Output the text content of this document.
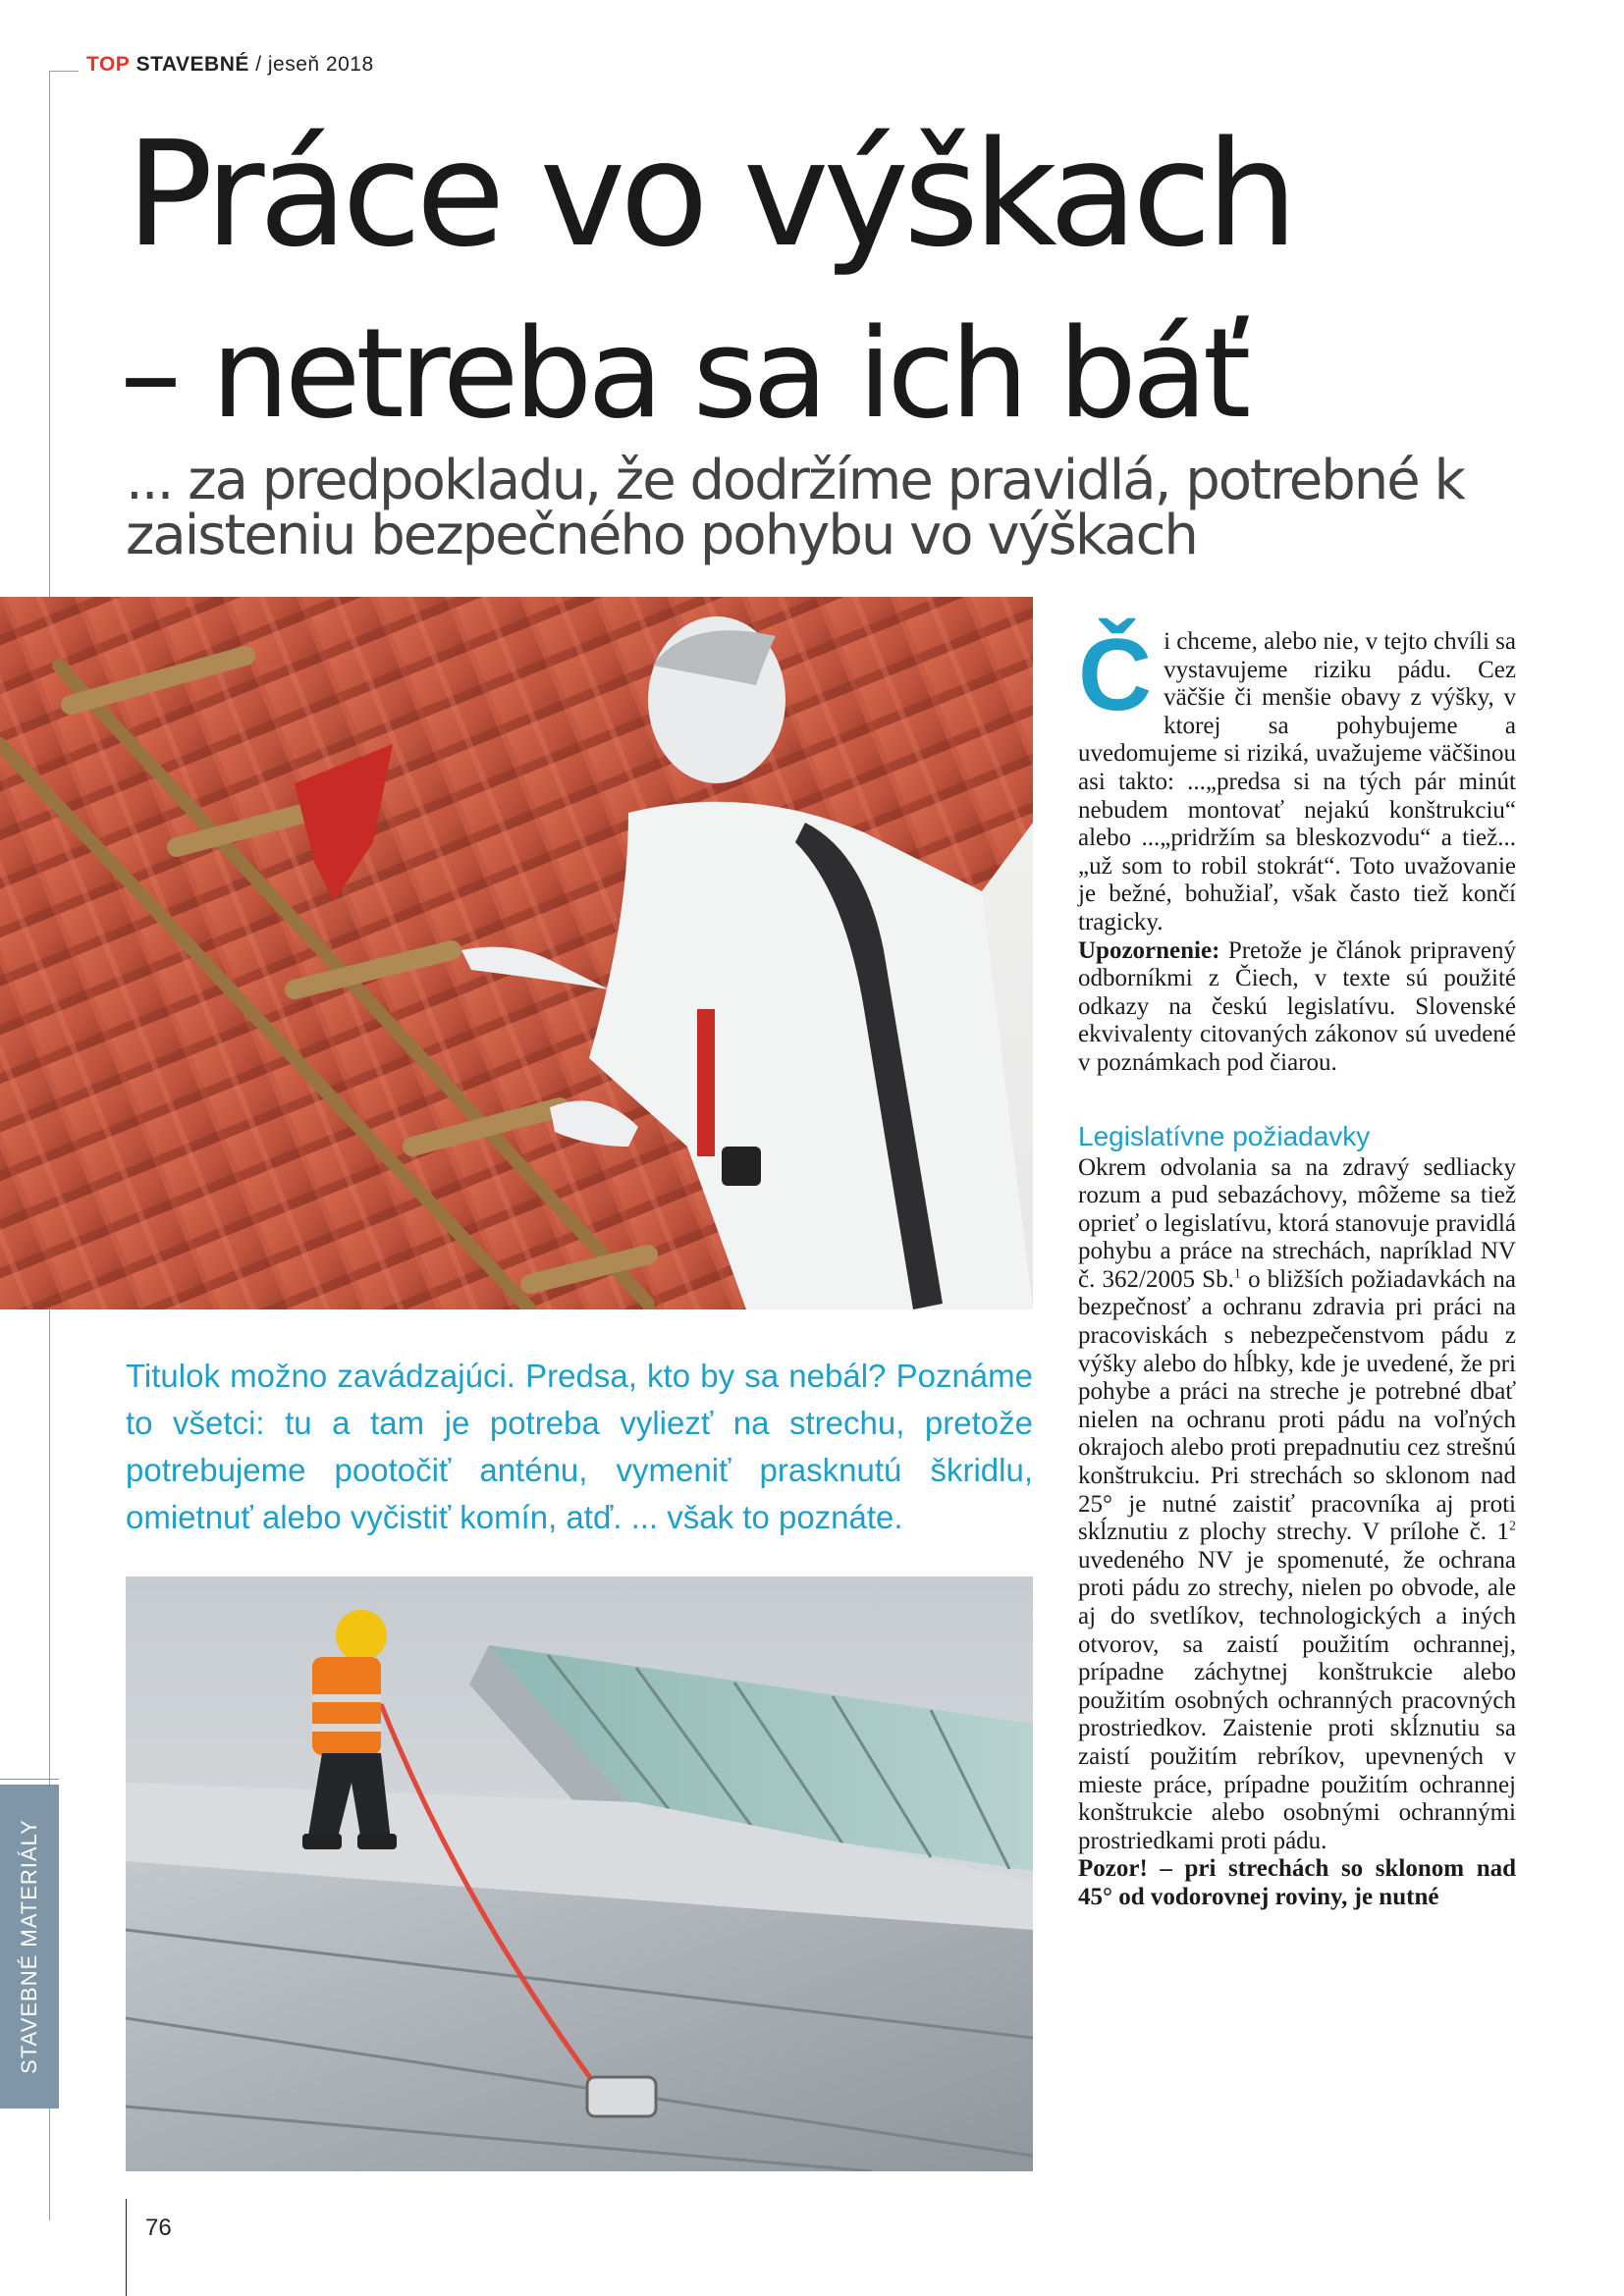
TOP STAVEBNÉ / jeseň 2018
Práce vo výškach
– netreba sa ich báť

... za predpokladu, že dodržíme pravidlá, potrebné k zaisteniu bezpečného pohybu vo výškach

Titulok možno zavádzajúci. Predsa, kto by sa nebál? Poznáme to všetci: tu a tam je potreba vyliezť na strechu, pretože potrebujeme pootočiť anténu, vymeniť prasknutú škridlu, omietnuť alebo vyčistiť komín, atď. ... však to poznáte.

Či chceme, alebo nie, v tejto chvíli sa vystavujeme riziku pádu. Cez väčšie či menšie obavy z výšky, v ktorej sa pohybujeme a uvedomujeme si riziká, uvažujeme väčšinou asi takto: ...„predsa si na tých pár minút nebudem montovať nejakú konštrukciu“ alebo ...„pridržím sa bleskozvodu“ a tiež... „už som to robil stokrát“. Toto uvažovanie je bežné, bohužiaľ, však často tiež končí tragicky.

Upozornenie: Pretože je článok pripravený odborníkmi z Čiech, v texte sú použité odkazy na českú legislatívu. Slovenské ekvivalenty citovaných zákonov sú uvedené v poznámkach pod čiarou.

Legislatívne požiadavky

Okrem odvolania sa na zdravý sedliacky rozum a pud sebazáchovy, môžeme sa tiež oprieť o legislatívu, ktorá stanovuje pravidlá pohybu a práce na strechách, napríklad NV č. 362/2005 Sb.$^1$ o bližších požiadavkách na bezpečnosť a ochranu zdravia pri práci na pracoviskách s nebezpečenstvom pádu z výšky alebo do hĺbky, kde je uvedené, že pri pohybe a práci na streche je potrebné dbať nielen na ochranu proti pádu na voľných okrajoch alebo proti prepadnutiu cez strešnú konštrukciu. Pri strechách so sklonom nad 25° je nutné zaistiť pracovníka aj proti skĺznutiu z plochy strechy. V prílohe č. $1^2$ uvedeného NV je spomenuté, že ochrana proti pádu zo strechy, nielen po obvode, ale aj do svetlíkov, technologických a iných otvorov, sa zaistí použitím ochrannej, prípadne záchytnej konštrukcie alebo použitím osobných ochranných pracovných prostriedkov. Zaistenie proti skĺznutiu sa zaistí použitím rebríkov, upevnených v mieste práce, prípadne použitím ochrannej konštrukcie alebo osobnými ochrannými prostriedkami proti pádu.

Pozor! – pri strechách so sklonom nad 45° od vodorovnej roviny, je nutné

STAVEBNÉ MATERIÁLY
76
